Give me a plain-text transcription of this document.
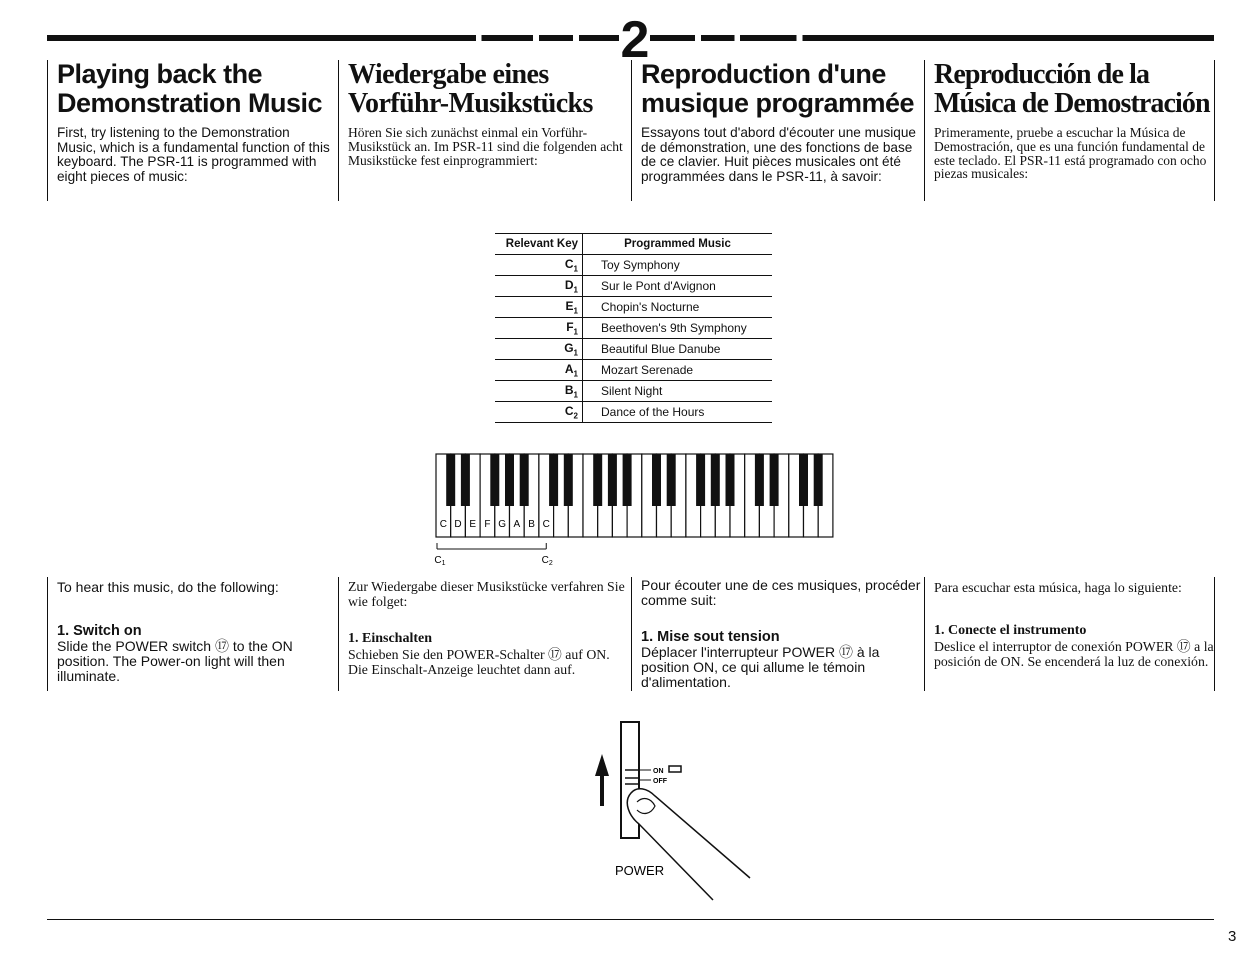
2
Playing back the
Demonstration Music

First, try listening to the Demonstration Music, which is a fundamental function of this keyboard. The PSR-11 is programmed with eight pieces of music:

Wiedergabe eines
Vorführ-Musikstücks

Hören Sie sich zunächst einmal ein Vorführ-Musikstück an. Im PSR-11 sind die folgenden acht Musikstücke fest einprogrammiert:

Reproduction d'une
musique programmée

Essayons tout d'abord d'écouter une musique de démonstration, une des fonctions de base de ce clavier. Huit pièces musicales ont été programmées dans le PSR-11, à savoir:

Reproducción de la
Música de Demostración

Primeramente, pruebe a escuchar la Música de Demostración, que es una función fundamental de este teclado. El PSR-11 está programado con ocho piezas musicales:

Relevant Key	Programmed Music
$C_1$	Toy Symphony
$D_1$	Sur le Pont d'Avignon
$E_1$	Chopin's Nocturne
$F_1$	Beethoven's 9th Symphony
$G_1$	Beautiful Blue Danube
$A_1$	Mozart Serenade
$B_1$	Silent Night
$C_2$	Dance of the Hours
C D E F G A B C
$C_1$	$C_2$

To hear this music, do the following:

1. Switch on

Slide the POWER switch ⑰ to the ON position. The Power-on light will then illuminate.

Zur Wiedergabe dieser Musikstücke verfahren Sie wie folget:

1. Einschalten

Schieben Sie den POWER-Schalter ⑰ auf ON. Die Einschalt-Anzeige leuchtet dann auf.

Pour écouter une de ces musiques, procéder comme suit:

1. Mise sout tension

Déplacer l'interrupteur POWER ⑰ à la position ON, ce qui allume le témoin d'alimentation.

Para escuchar esta música, haga lo siguiente:

1. Conecte el instrumento

Deslice el interruptor de conexión POWER ⑰ a la posición de ON. Se encenderá la luz de conexión.

ON
OFF
POWER
3
